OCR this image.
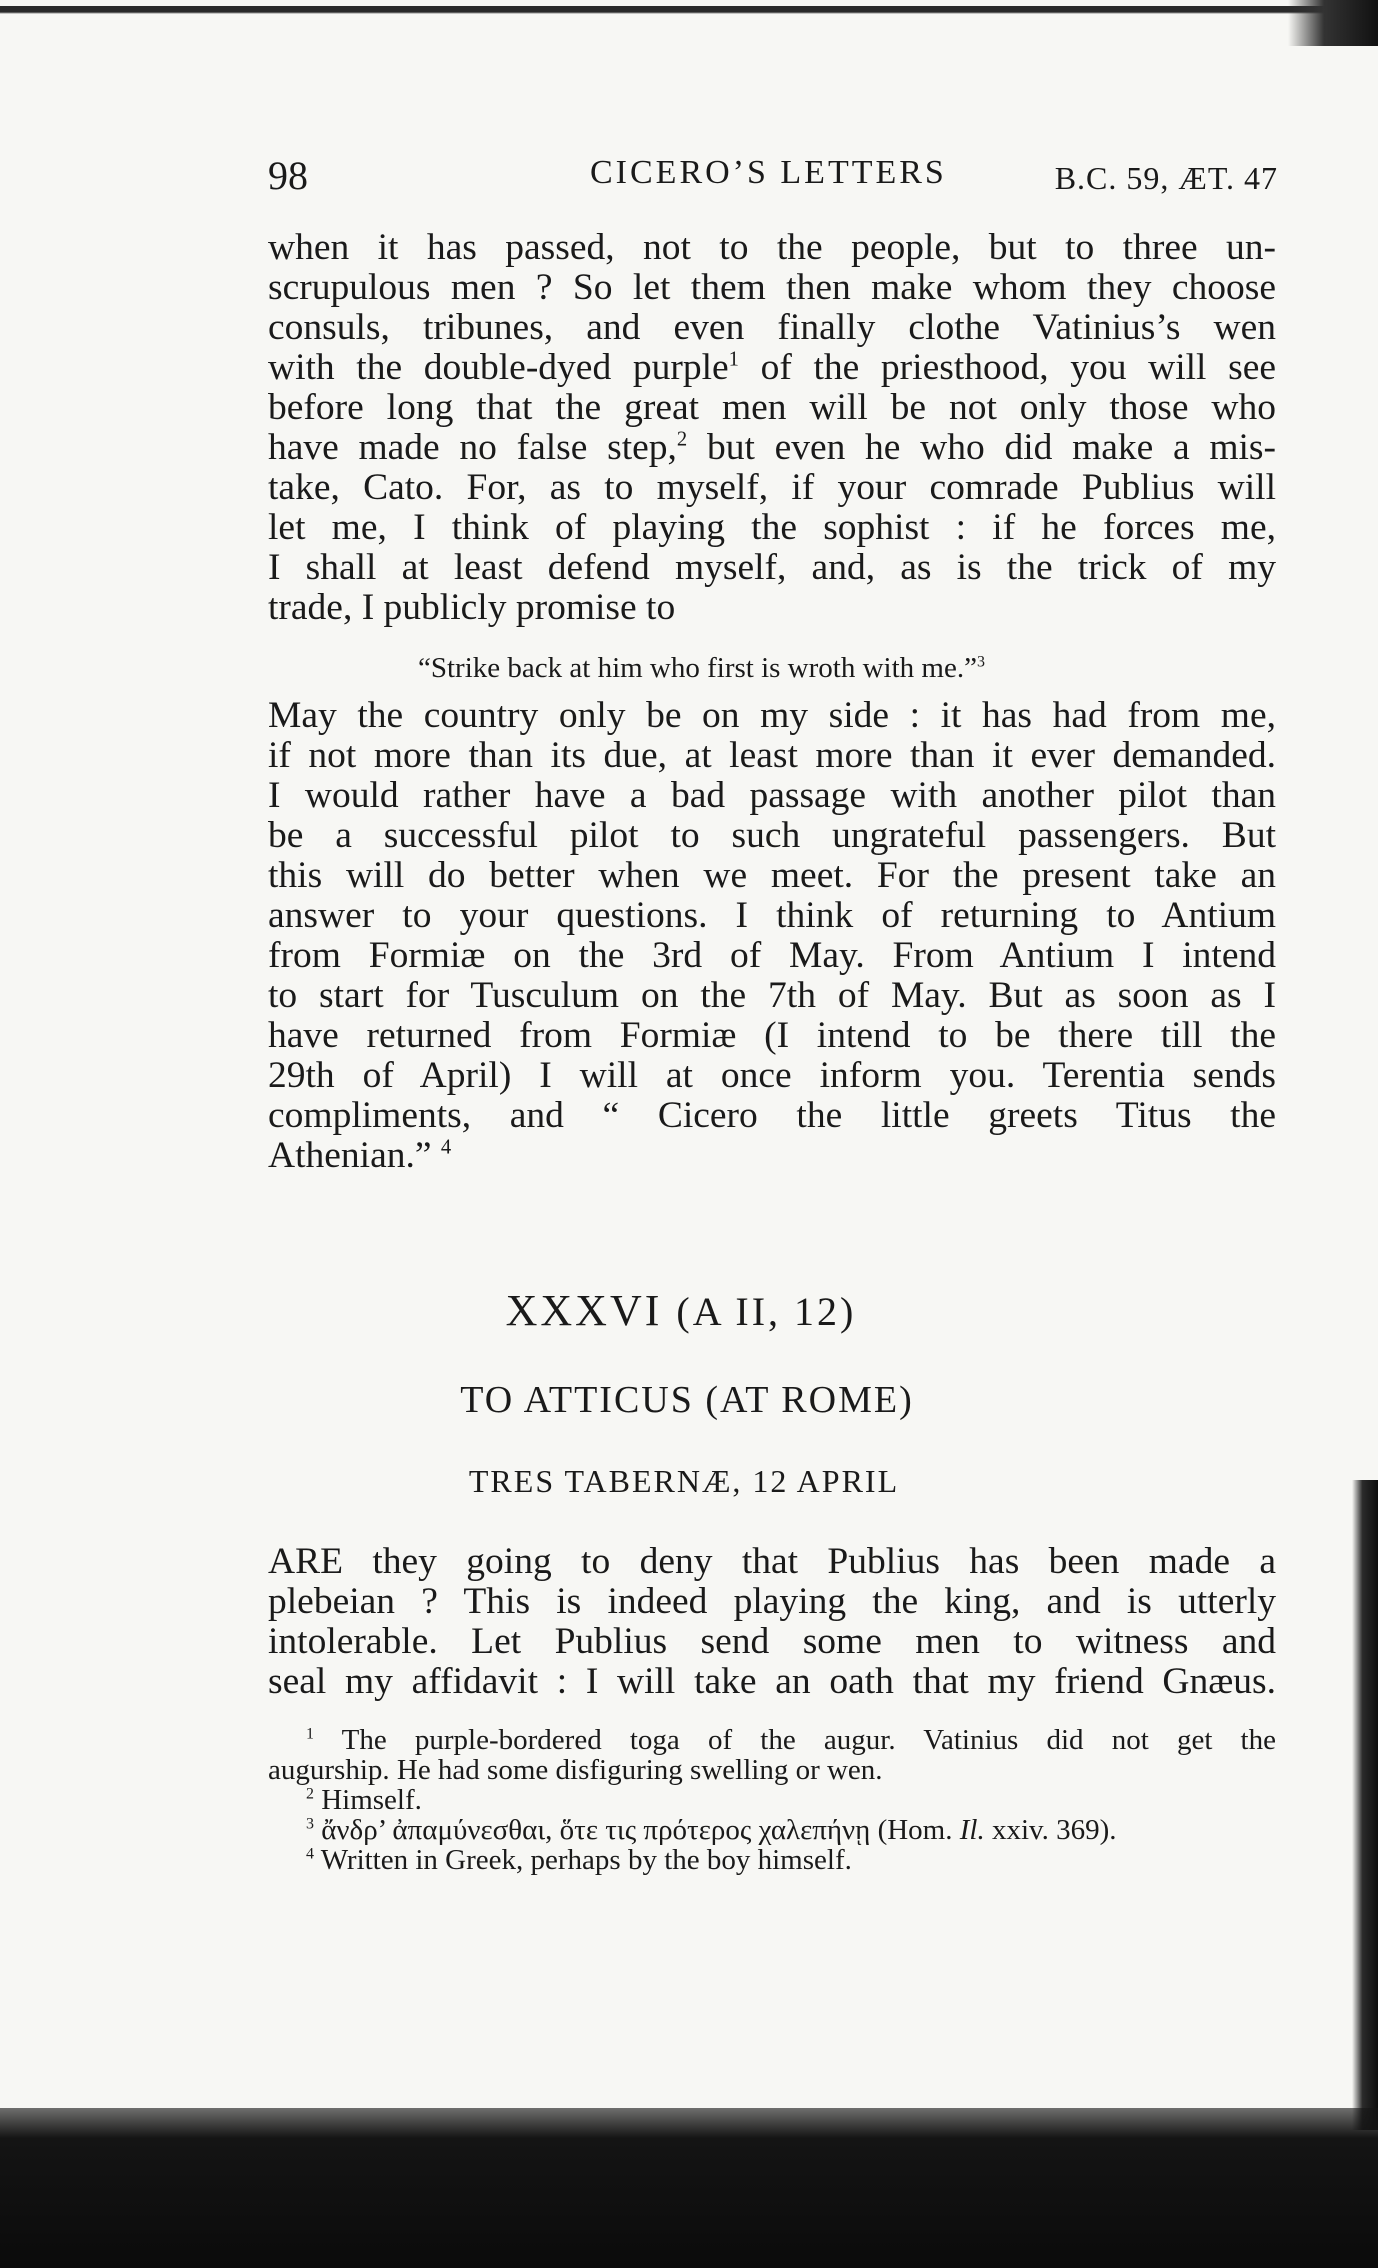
98	CICERO’S LETTERS	B.C. 59, ÆT. 47
when it has passed, not to the people, but to three un-
scrupulous men ? So let them then make whom they choose
consuls, tribunes, and even finally clothe Vatinius’s wen
with the double-dyed purple$^1$ of the priesthood, you will see
before long that the great men will be not only those who
have made no false step,$^2$ but even he who did make a mis-
take, Cato. For, as to myself, if your comrade Publius will
let me, I think of playing the sophist : if he forces me,
I shall at least defend myself, and, as is the trick of my
trade, I publicly promise to
“Strike back at him who first is wroth with me.”$^3$
May the country only be on my side : it has had from me,
if not more than its due, at least more than it ever demanded.
I would rather have a bad passage with another pilot than
be a successful pilot to such ungrateful passengers. But
this will do better when we meet. For the present take an
answer to your questions. I think of returning to Antium
from Formiæ on the 3rd of May. From Antium I intend
to start for Tusculum on the 7th of May. But as soon as I
have returned from Formiæ (I intend to be there till the
29th of April) I will at once inform you. Terentia sends
compliments, and “ Cicero the little greets Titus the
Athenian.” $^4$
XXXVI (A II, 12)
TO ATTICUS (AT ROME)
TRES TABERNÆ, 12 APRIL
ARE they going to deny that Publius has been made a
plebeian ? This is indeed playing the king, and is utterly
intolerable. Let Publius send some men to witness and
seal my affidavit : I will take an oath that my friend Gnæus.
$^1$ The purple-bordered toga of the augur. Vatinius did not get the
augurship. He had some disfiguring swelling or wen.
$^2$ Himself.
$^3$ ἄνδρ’ ἀπαμύνεσθαι, ὅτε τις πρότερος χαλεπήνῃ (Hom. Il. xxiv. 369).
$^4$ Written in Greek, perhaps by the boy himself.
